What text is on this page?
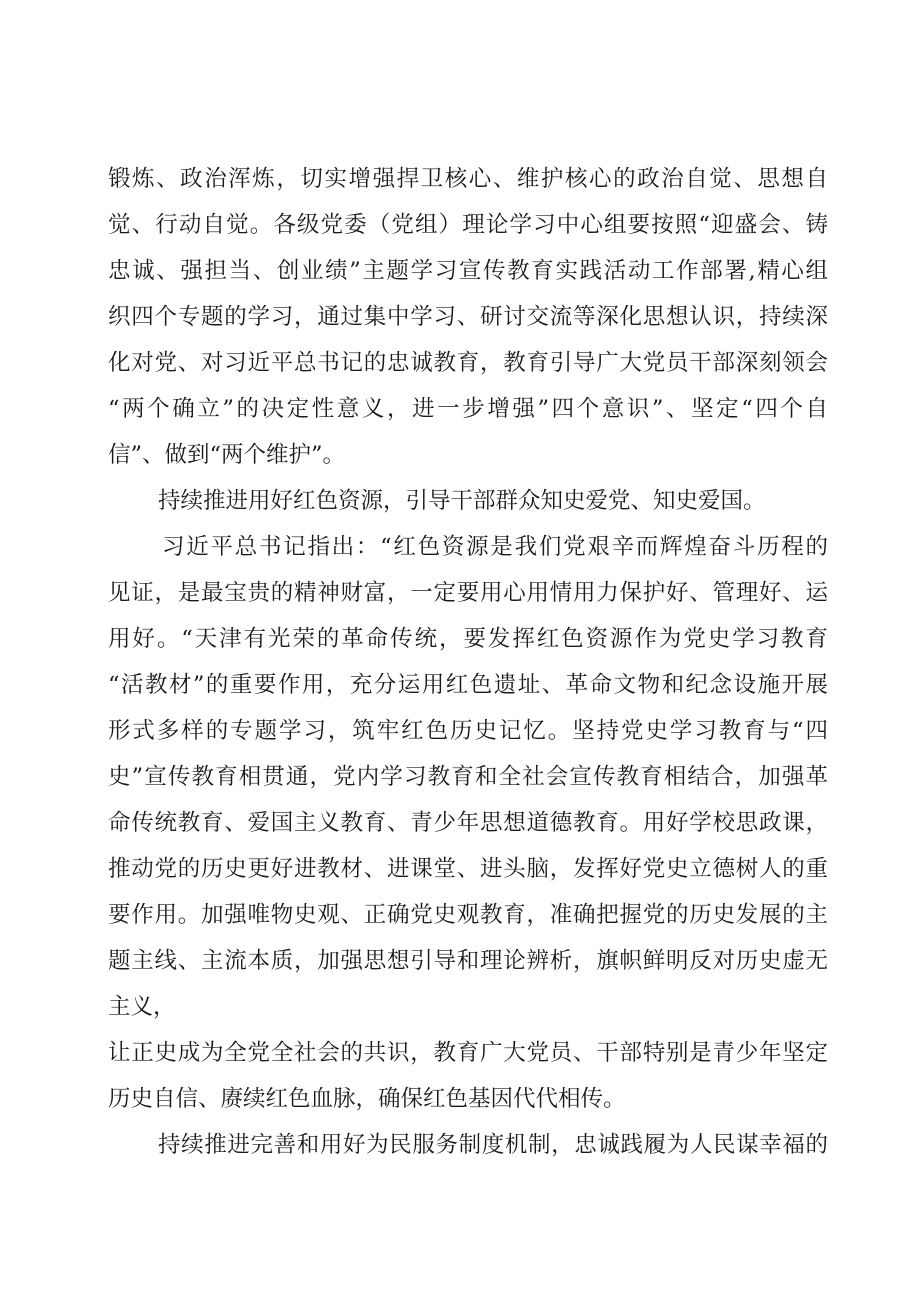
锻炼、政治浑炼，切实增强捍卫核心、维护核心的政治自觉、思想自
觉、行动自觉。各级党委（党组）理论学习中心组要按照“迎盛会、铸
忠诚、强担当、创业绩”主题学习宣传教育实践活动工作部署,精心组
织四个专题的学习，通过集中学习、研讨交流等深化思想认识，持续深
化对党、对习近平总书记的忠诚教育，教育引导广大党员干部深刻领会
“两个确立”的决定性意义，进一步增强”四个意识”、坚定“四个自
信”、做到“两个维护”。
持续推进用好红色资源，引导干部群众知史爱党、知史爱国。
习近平总书记指出：“红色资源是我们党艰辛而辉煌奋斗历程的
见证，是最宝贵的精神财富，一定要用心用情用力保护好、管理好、运
用好。“天津有光荣的革命传统，要发挥红色资源作为党史学习教育
“活教材”的重要作用，充分运用红色遗址、革命文物和纪念设施开展
形式多样的专题学习，筑牢红色历史记忆。坚持党史学习教育与“四
史”宣传教育相贯通，党内学习教育和全社会宣传教育相结合，加强革
命传统教育、爱国主义教育、青少年思想道德教育。用好学校思政课，
推动党的历史更好进教材、进课堂、进头脑，发挥好党史立德树人的重
要作用。加强唯物史观、正确党史观教育，准确把握党的历史发展的主
题主线、主流本质，加强思想引导和理论辨析，旗帜鲜明反对历史虚无
主义，
让正史成为全党全社会的共识，教育广大党员、干部特别是青少年坚定
历史自信、赓续红色血脉，确保红色基因代代相传。
持续推进完善和用好为民服务制度机制，忠诚践履为人民谋幸福的
